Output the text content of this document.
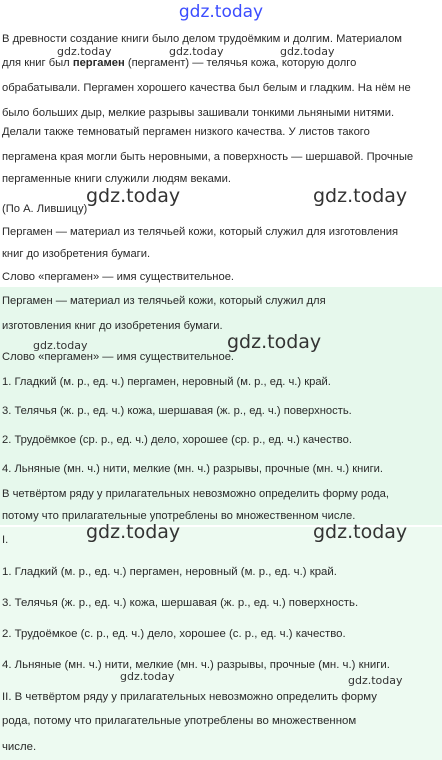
gdz.today
В древности создание книги было делом трудоёмким и долгим. Материалом
для книг был пергамен (пергамент) — телячья кожа, которую долго
обрабатывали. Пергамен хорошего качества был белым и гладким. На нём не
было больших дыр, мелкие разрывы зашивали тонкими льняными нитями.
Делали также темноватый пергамен низкого качества. У листов такого
пергамена края могли быть неровными, а поверхность — шершавой. Прочные
пергаменные книги служили людям веками.
(По А. Лившицу)
Пергамен — материал из телячьей кожи, который служил для изготовления
книг до изобретения бумаги.
Слово «пергамен» — имя существительное.
Пергамен — материал из телячьей кожи, который служил для
изготовления книг до изобретения бумаги.
Слово «пергамен» — имя существительное.
1. Гладкий (м. р., ед. ч.) пергамен, неровный (м. р., ед. ч.) край.
3. Телячья (ж. р., ед. ч.) кожа, шершавая (ж. р., ед. ч.) поверхность.
2. Трудоёмкое (ср. р., ед. ч.) дело, хорошее (ср. р., ед. ч.) качество.
4. Льняные (мн. ч.) нити, мелкие (мн. ч.) разрывы, прочные (мн. ч.) книги.
В четвёртом ряду у прилагательных невозможно определить форму рода,
потому что прилагательные употреблены во множественном числе.
I.
1. Гладкий (м. р., ед. ч.) пергамен, неровный (м. р., ед. ч.) край.
3. Телячья (ж. р., ед. ч.) кожа, шершавая (ж. р., ед. ч.) поверхность.
2. Трудоёмкое (с. р., ед. ч.) дело, хорошее (с. р., ед. ч.) качество.
4. Льняные (мн. ч.) нити, мелкие (мн. ч.) разрывы, прочные (мн. ч.) книги.
II. В четвёртом ряду у прилагательных невозможно определить форму
рода, потому что прилагательные употреблены во множественном
числе.
gdz.today	gdz.today	gdz.today
gdz.today	gdz.today
gdz.today	gdz.today
gdz.today	gdz.today
gdz.today	gdz.today
